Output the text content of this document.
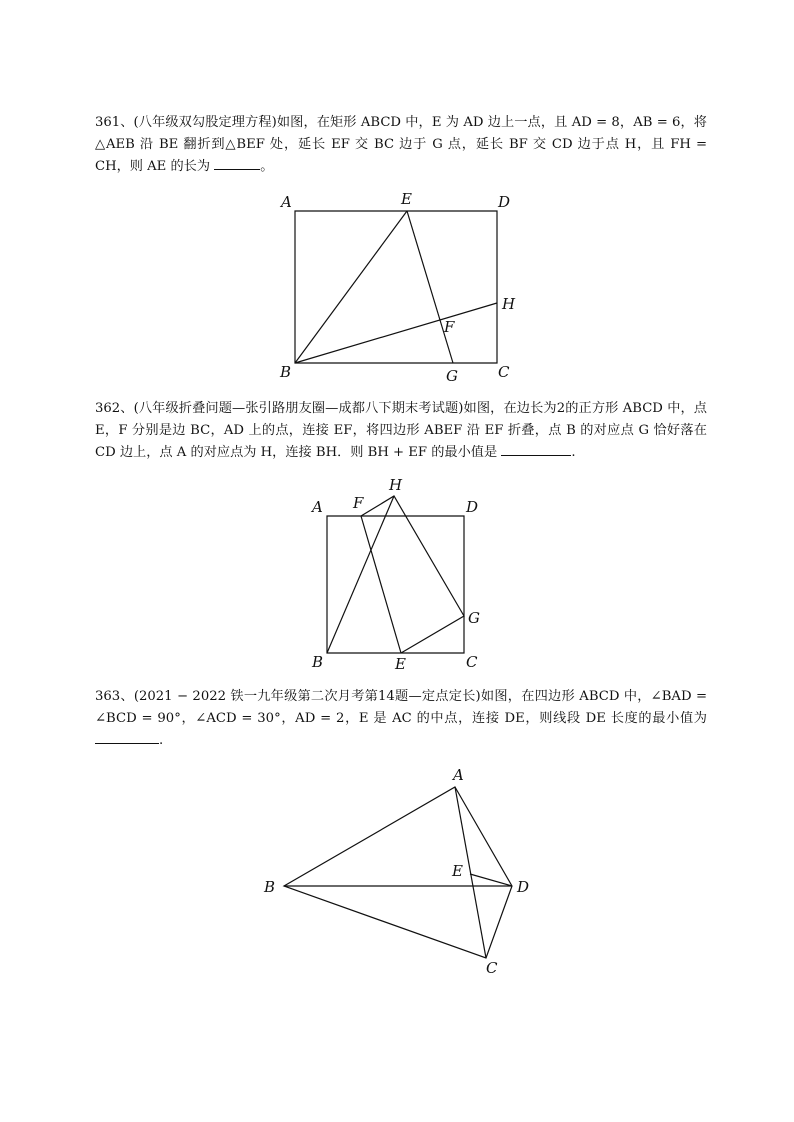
361、(八年级双勾股定理方程)如图，在矩形 ABCD 中，E 为 AD 边上一点，且 AD = 8，AB = 6，将△AEB 沿 BE 翻折到△BEF 处，延长 EF 交 BC 边于 G 点，延长 BF 交 CD 边于点 H，且 FH = CH，则 AE 的长为	。

A	E	D
H
F
B	G	C

362、(八年级折叠问题—张引路朋友圈—成都八下期末考试题)如图，在边长为2的正方形 ABCD 中，点 E，F 分别是边 BC，AD 上的点，连接 EF，将四边形 ABEF 沿 EF 折叠，点 B 的对应点 G 恰好落在 CD 边上，点 A 的对应点为 H，连接 BH．则 BH + EF 的最小值是	.

A F
H
D
G
B	E	C

363、(2021 − 2022 铁一九年级第二次月考第14题—定点定长)如图，在四边形 ABCD 中，∠BAD = ∠BCD = 90°，∠ACD = 30°，AD = 2，E 是 AC 的中点，连接 DE，则线段 DE 长度的最小值为 .

A
B
E
D
C
